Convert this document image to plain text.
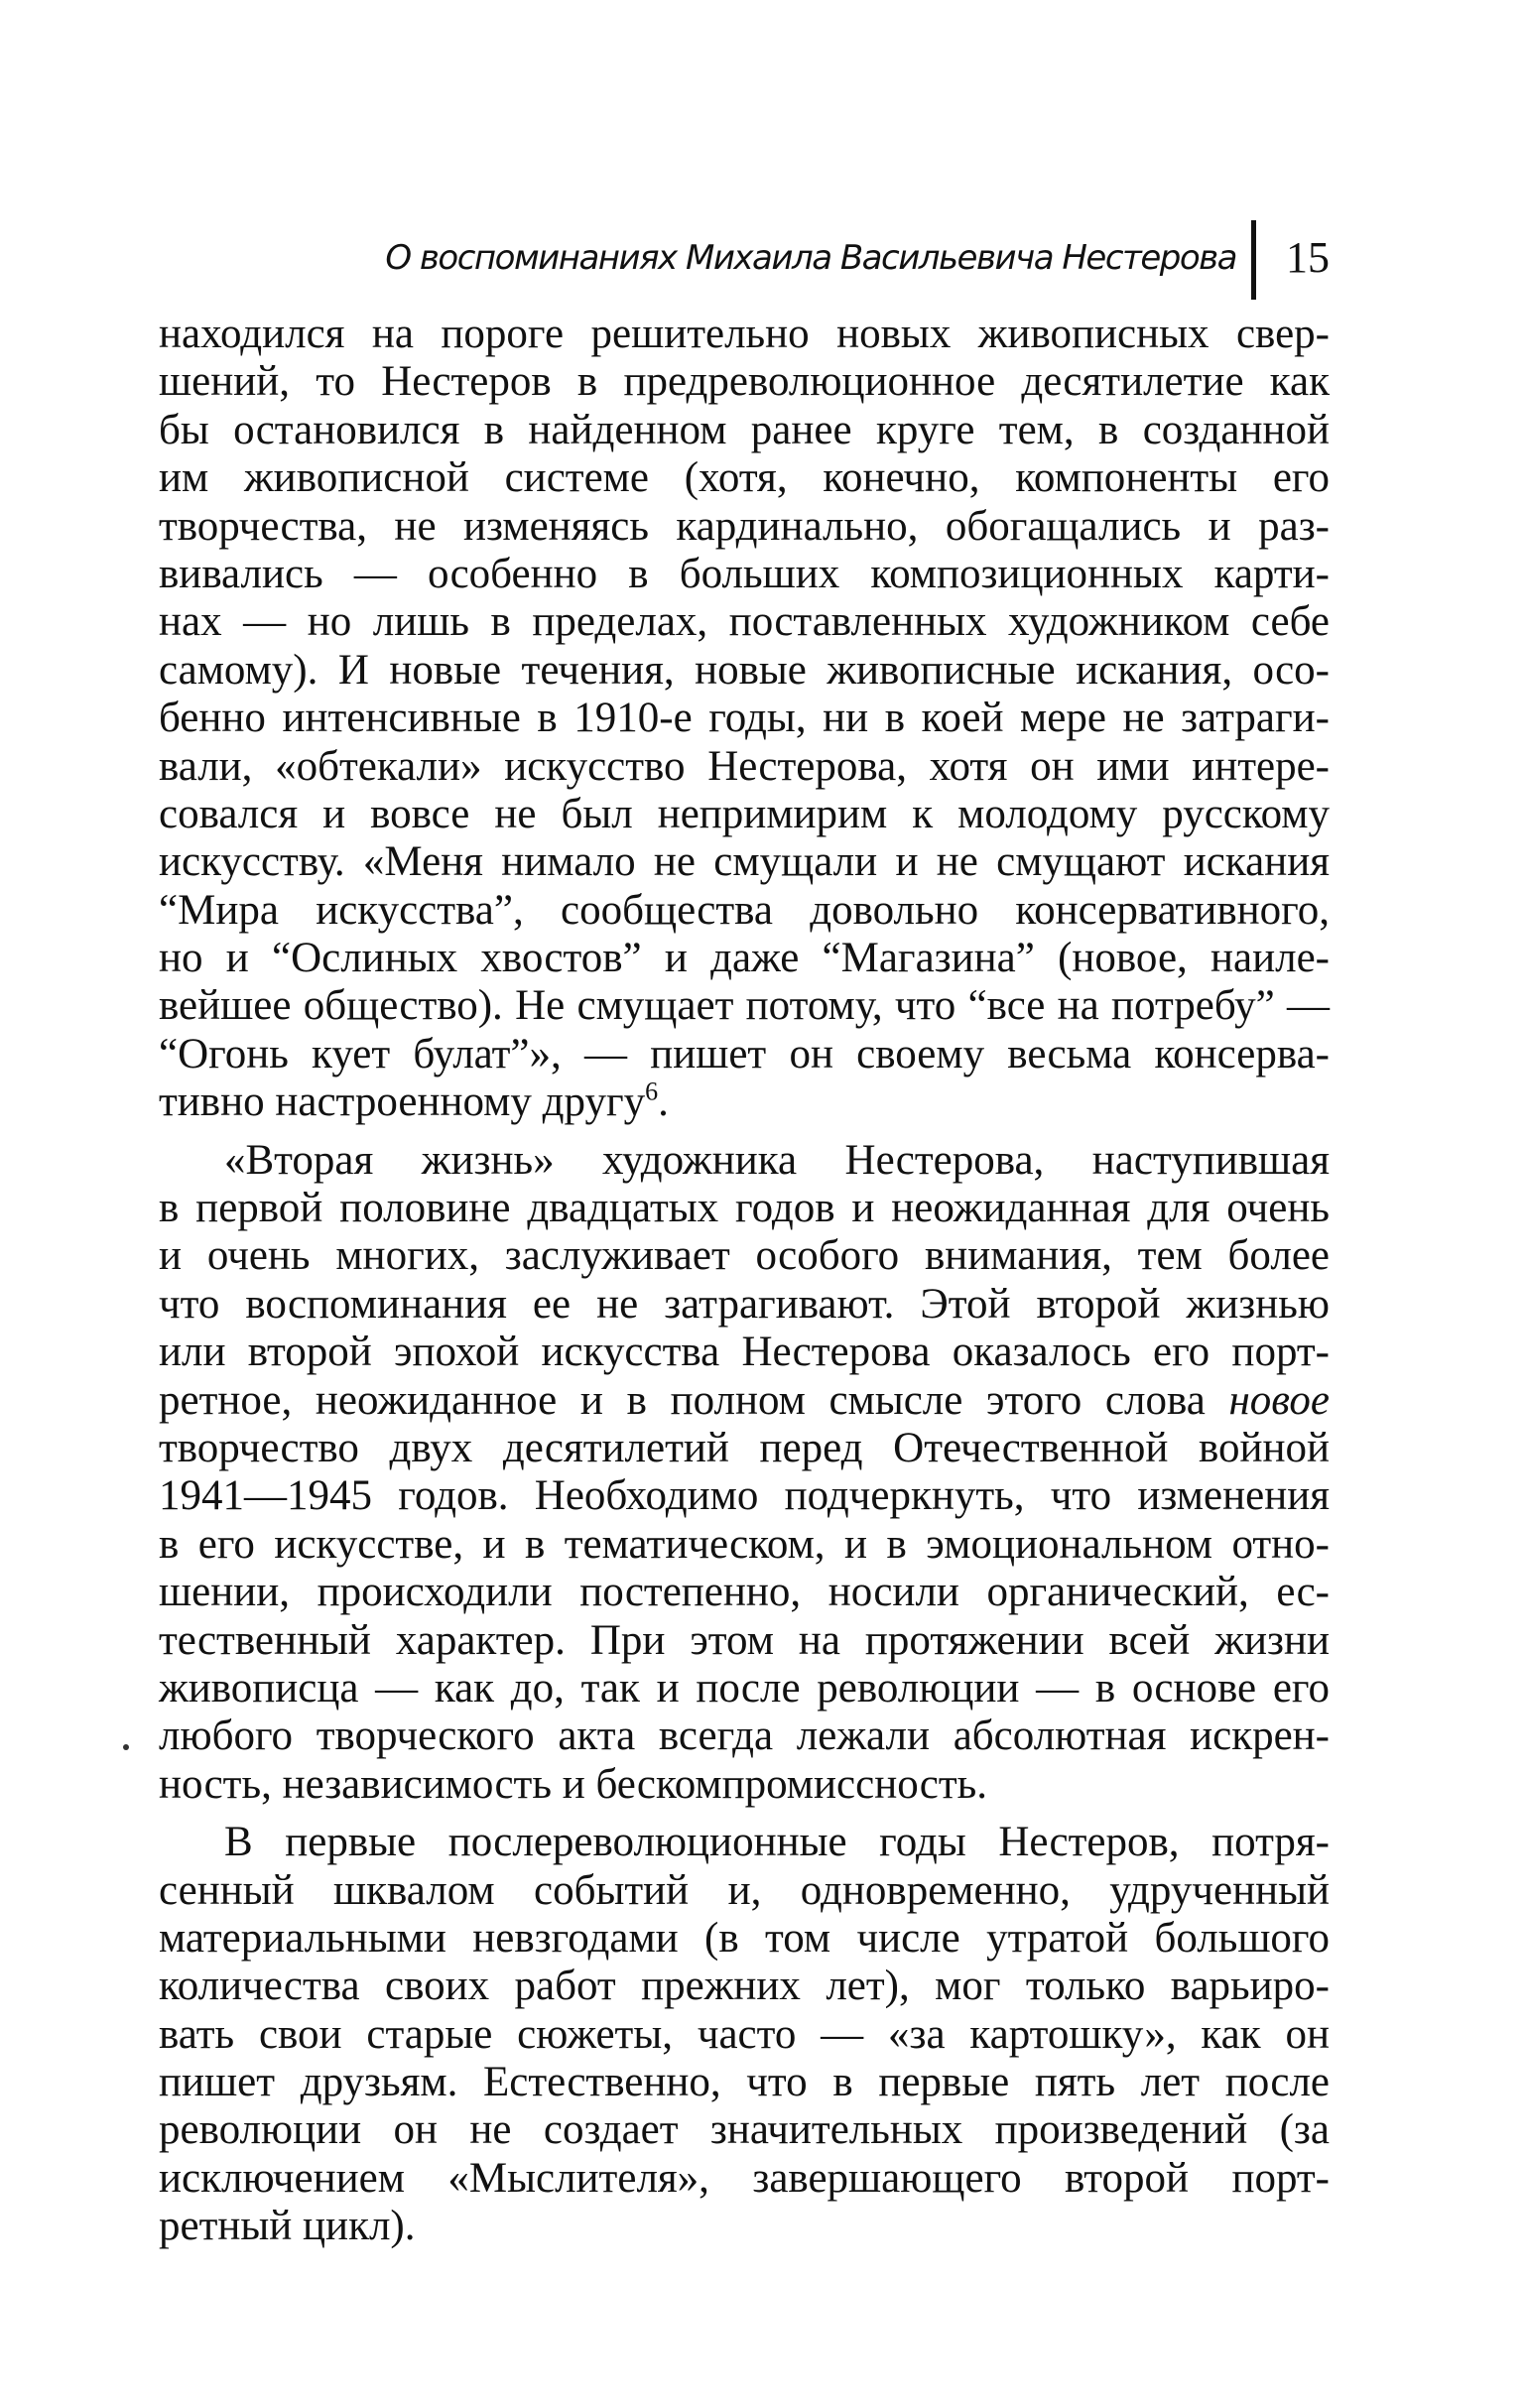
О воспоминаниях Михаила Васильевича Нестерова 15
находился на пороге решительно новых живописных свер-
шений, то Нестеров в предреволюционное десятилетие как
бы остановился в найденном ранее круге тем, в созданной
им живописной системе (хотя, конечно, компоненты его
творчества, не изменяясь кардинально, обогащались и раз-
вивались — особенно в больших композиционных карти-
нах — но лишь в пределах, поставленных художником себе
самому). И новые течения, новые живописные искания, осо-
бенно интенсивные в 1910-е годы, ни в коей мере не затраги-
вали, «обтекали» искусство Нестерова, хотя он ими интере-
совался и вовсе не был непримирим к молодому русскому
искусству. «Меня нимало не смущали и не смущают искания
“Мира искусства”, сообщества довольно консервативного,
но и “Ослиных хвостов” и даже “Магазина” (новое, наиле-
вейшее общество). Не смущает потому, что “все на потребу” —
“Огонь кует булат”», — пишет он своему весьма консерва-
тивно настроенному другу$^6$.
«Вторая жизнь» художника Нестерова, наступившая
в первой половине двадцатых годов и неожиданная для очень
и очень многих, заслуживает особого внимания, тем более
что воспоминания ее не затрагивают. Этой второй жизнью
или второй эпохой искусства Нестерова оказалось его порт-
ретное, неожиданное и в полном смысле этого слова новое
творчество двух десятилетий перед Отечественной войной
1941—1945 годов. Необходимо подчеркнуть, что изменения
в его искусстве, и в тематическом, и в эмоциональном отно-
шении, происходили постепенно, носили органический, ес-
тественный характер. При этом на протяжении всей жизни
живописца — как до, так и после революции — в основе его
любого творческого акта всегда лежали абсолютная искрен-
ность, независимость и бескомпромиссность.
В первые послереволюционные годы Нестеров, потря-
сенный шквалом событий и, одновременно, удрученный
материальными невзгодами (в том числе утратой большого
количества своих работ прежних лет), мог только варьиро-
вать свои старые сюжеты, часто — «за картошку», как он
пишет друзьям. Естественно, что в первые пять лет после
революции он не создает значительных произведений (за
исключением «Мыслителя», завершающего второй порт-
ретный цикл).
